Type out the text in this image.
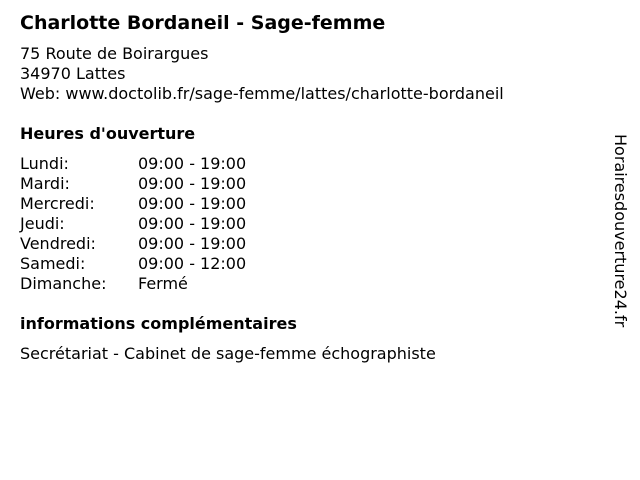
Charlotte Bordaneil - Sage-femme
75 Route de Boirargues
34970 Lattes
Web: www.doctolib.fr/sage-femme/lattes/charlotte-bordaneil
Heures d'ouverture
Lundi:	09:00 - 19:00
Mardi:	09:00 - 19:00
Mercredi:	09:00 - 19:00
Jeudi:	09:00 - 19:00
Vendredi:	09:00 - 19:00
Samedi:	09:00 - 12:00
Dimanche:	Fermé
informations complémentaires
Secrétariat - Cabinet de sage-femme échographiste
Horairesdouverture24.fr
